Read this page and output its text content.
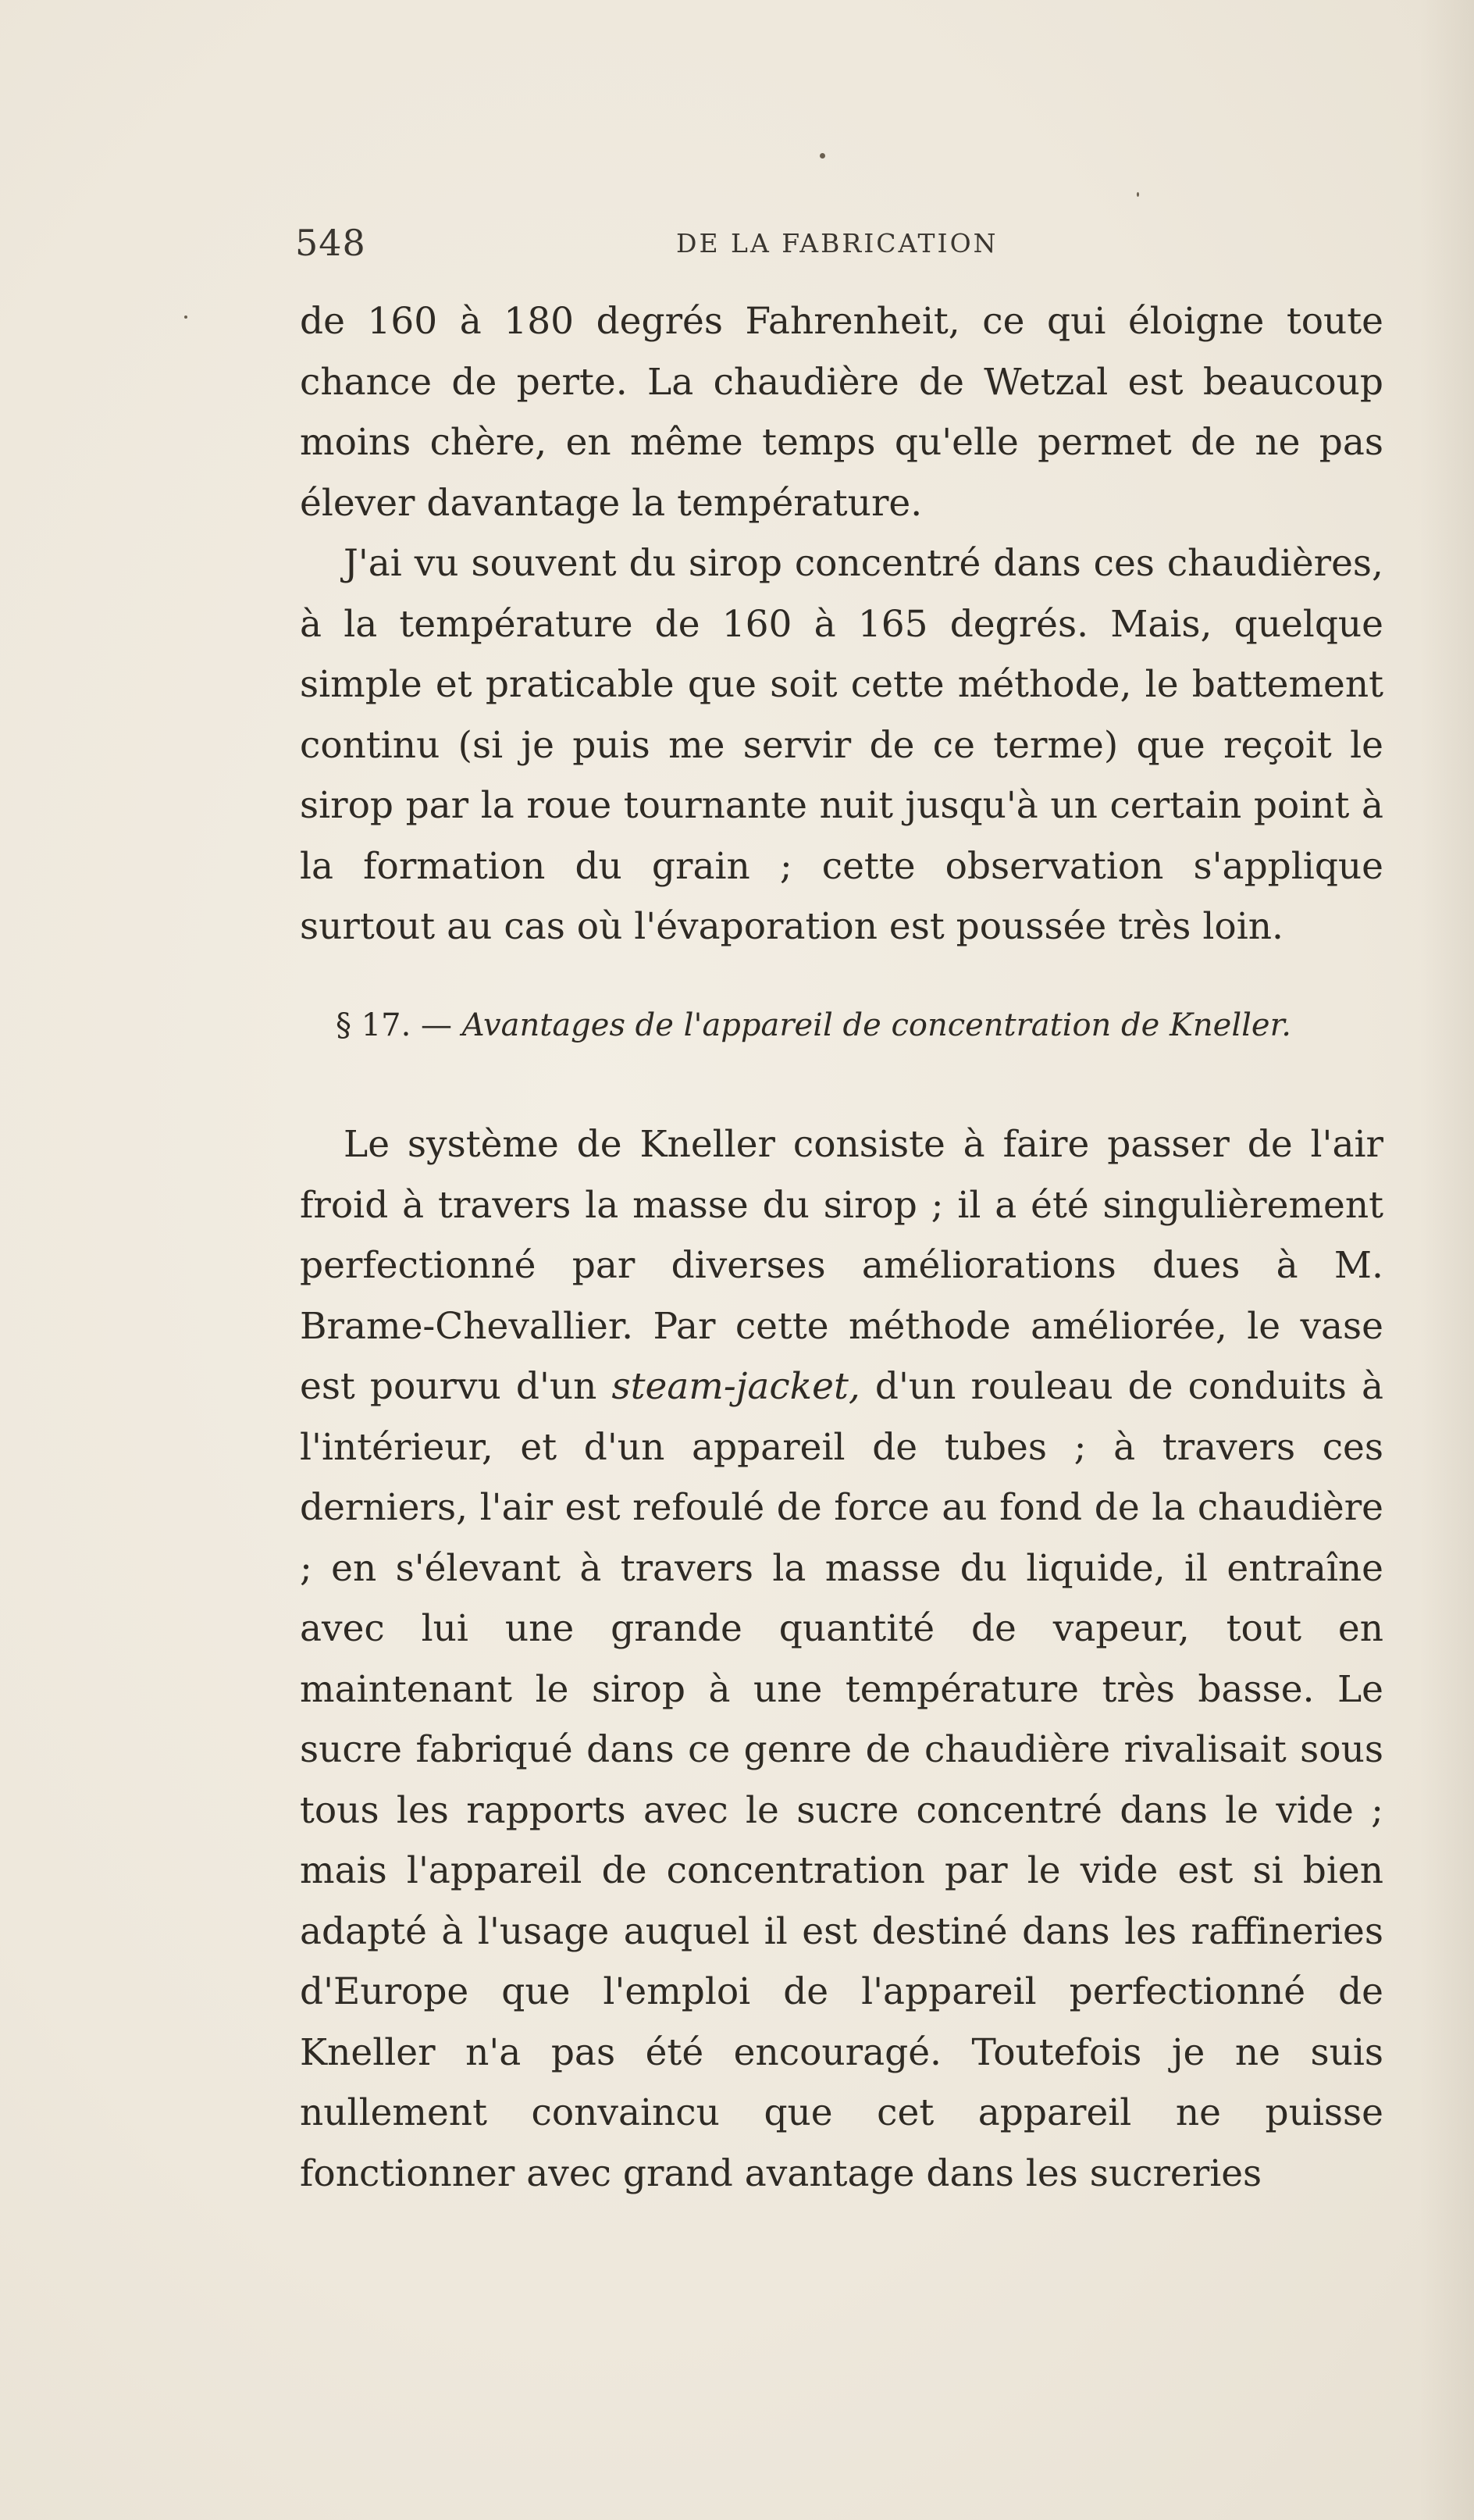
548	DE LA FABRICATION

de 160 à 180 degrés Fahrenheit, ce qui éloigne toute chance de perte. La chaudière de Wetzal est beaucoup moins chère, en même temps qu'elle permet de ne pas élever davantage la température.

J'ai vu souvent du sirop concentré dans ces chaudières, à la température de 160 à 165 degrés. Mais, quelque simple et praticable que soit cette méthode, le battement continu (si je puis me servir de ce terme) que reçoit le sirop par la roue tournante nuit jusqu'à un certain point à la formation du grain ; cette observation s'applique surtout au cas où l'évaporation est poussée très loin.

§ 17. — Avantages de l'appareil de concentration de Kneller.

Le système de Kneller consiste à faire passer de l'air froid à travers la masse du sirop ; il a été singulièrement perfectionné par diverses améliorations dues à M. Brame-Chevallier. Par cette méthode améliorée, le vase est pourvu d'un steam-jacket, d'un rouleau de conduits à l'intérieur, et d'un appareil de tubes ; à travers ces derniers, l'air est refoulé de force au fond de la chaudière ; en s'élevant à travers la masse du liquide, il entraîne avec lui une grande quantité de vapeur, tout en maintenant le sirop à une température très basse. Le sucre fabriqué dans ce genre de chaudière rivalisait sous tous les rapports avec le sucre concentré dans le vide ; mais l'appareil de concentration par le vide est si bien adapté à l'usage auquel il est destiné dans les raffineries d'Europe que l'emploi de l'appareil perfectionné de Kneller n'a pas été encouragé. Toutefois je ne suis nullement convaincu que cet appareil ne puisse fonctionner avec grand avantage dans les sucreries
